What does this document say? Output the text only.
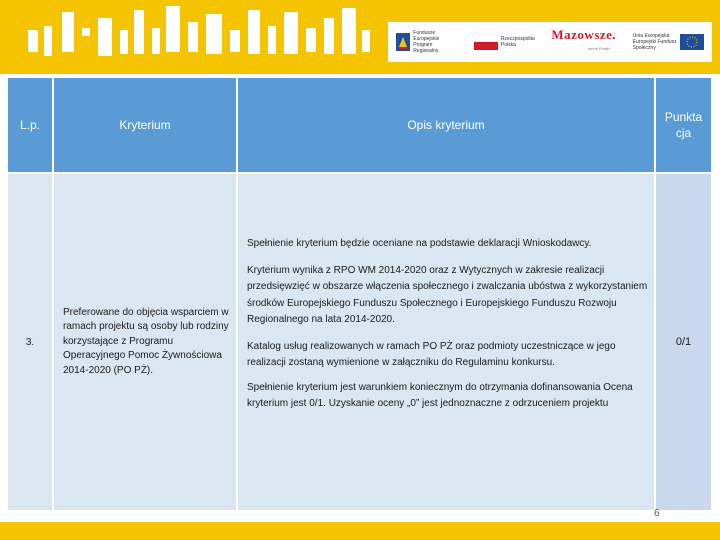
Fundusze
Europejskie
Program Regionalny
Rzeczpospolita
Polska
Mazowsze.
serce Polski
Unia Europejska
Europejski Fundusz
Społeczny
L.p.	Kryterium	Opis kryterium
Punkta
cja
3.
Preferowane do objęcia wsparciem w ramach projektu są osoby lub rodziny korzystające z Programu Operacyjnego Pomoc Żywnościowa 2014-2020 (PO PŻ).

Spełnienie kryterium będzie oceniane na podstawie deklaracji Wnioskodawcy.

Kryterium wynika z RPO WM 2014-2020 oraz z Wytycznych w zakresie realizacji przedsięwzięć w obszarze włączenia społecznego i zwalczania ubóstwa z wykorzystaniem środków Europejskiego Funduszu Społecznego i Europejskiego Funduszu Rozwoju Regionalnego na lata 2014-2020.

Katalog usług realizowanych w ramach PO PŻ oraz podmioty uczestniczące w jego realizacji zostaną wymienione w załączniku do Regulaminu konkursu.

Spełnienie kryterium jest warunkiem koniecznym do otrzymania dofinansowania Ocena kryterium jest 0/1. Uzyskanie oceny „0” jest jednoznaczne z odrzuceniem projektu

0/1
6
